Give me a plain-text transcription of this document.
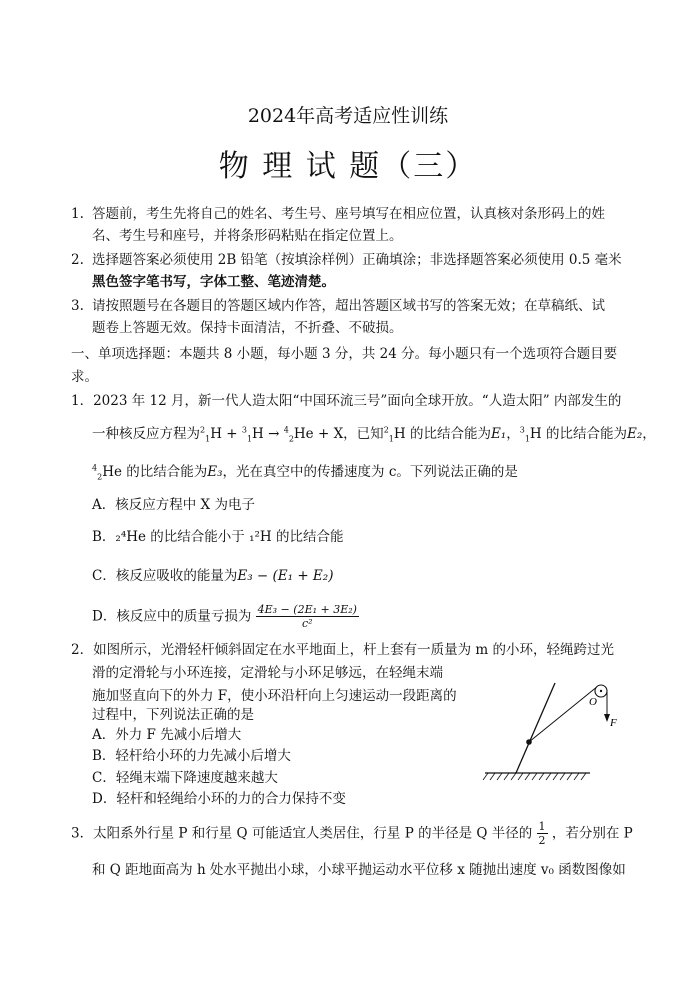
2024年高考适应性训练
物 理 试 题（三）
1. 答题前，考生先将自己的姓名、考生号、座号填写在相应位置，认真核对条形码上的姓
名、考生号和座号，并将条形码粘贴在指定位置上。
2. 选择题答案必须使用 2B 铅笔（按填涂样例）正确填涂；非选择题答案必须使用 0.5 毫米
黑色签字笔书写，字体工整、笔迹清楚。
3. 请按照题号在各题目的答题区域内作答，超出答题区域书写的答案无效；在草稿纸、试
题卷上答题无效。保持卡面清洁，不折叠、不破损。
一、单项选择题：本题共 8 小题，每小题 3 分，共 24 分。每小题只有一个选项符合题目要
求。
1．2023 年 12 月，新一代人造太阳“中国环流三号”面向全球开放。“人造太阳” 内部发生的
一种核反应方程为$^2_1$H + $^3_1$H → $^4_2$He + X，已知$^2_1$H 的比结合能为E₁，$^3_1$H 的比结合能为E₂，
$^4_2$He 的比结合能为E₃，光在真空中的传播速度为 c。下列说法正确的是
A．核反应方程中 X 为电子
B．₂⁴He 的比结合能小于 ₁²H 的比结合能
C．核反应吸收的能量为E₃ − (E₁ + E₂)
D．核反应中的质量亏损为 $\frac{\text{4E₃ − (2E₁ + 3E₂)}}{\text{c²}}$
2．如图所示，光滑轻杆倾斜固定在水平地面上，杆上套有一质量为 m 的小环，轻绳跨过光
滑的定滑轮与小环连接，定滑轮与小环足够远，在轻绳末端
施加竖直向下的外力 F，使小环沿杆向上匀速运动一段距离的
过程中，下列说法正确的是
A．外力 F 先减小后增大
B．轻杆给小环的力先减小后增大
C．轻绳末端下降速度越来越大
D．轻杆和轻绳给小环的力的合力保持不变
O
F
3．太阳系外行星 P 和行星 Q 可能适宜人类居住，行星 P 的半径是 Q 半径的 $\frac{1}{2}$ ，若分别在 P
和 Q 距地面高为 h 处水平抛出小球，小球平抛运动水平位移 x 随抛出速度 v₀ 函数图像如
